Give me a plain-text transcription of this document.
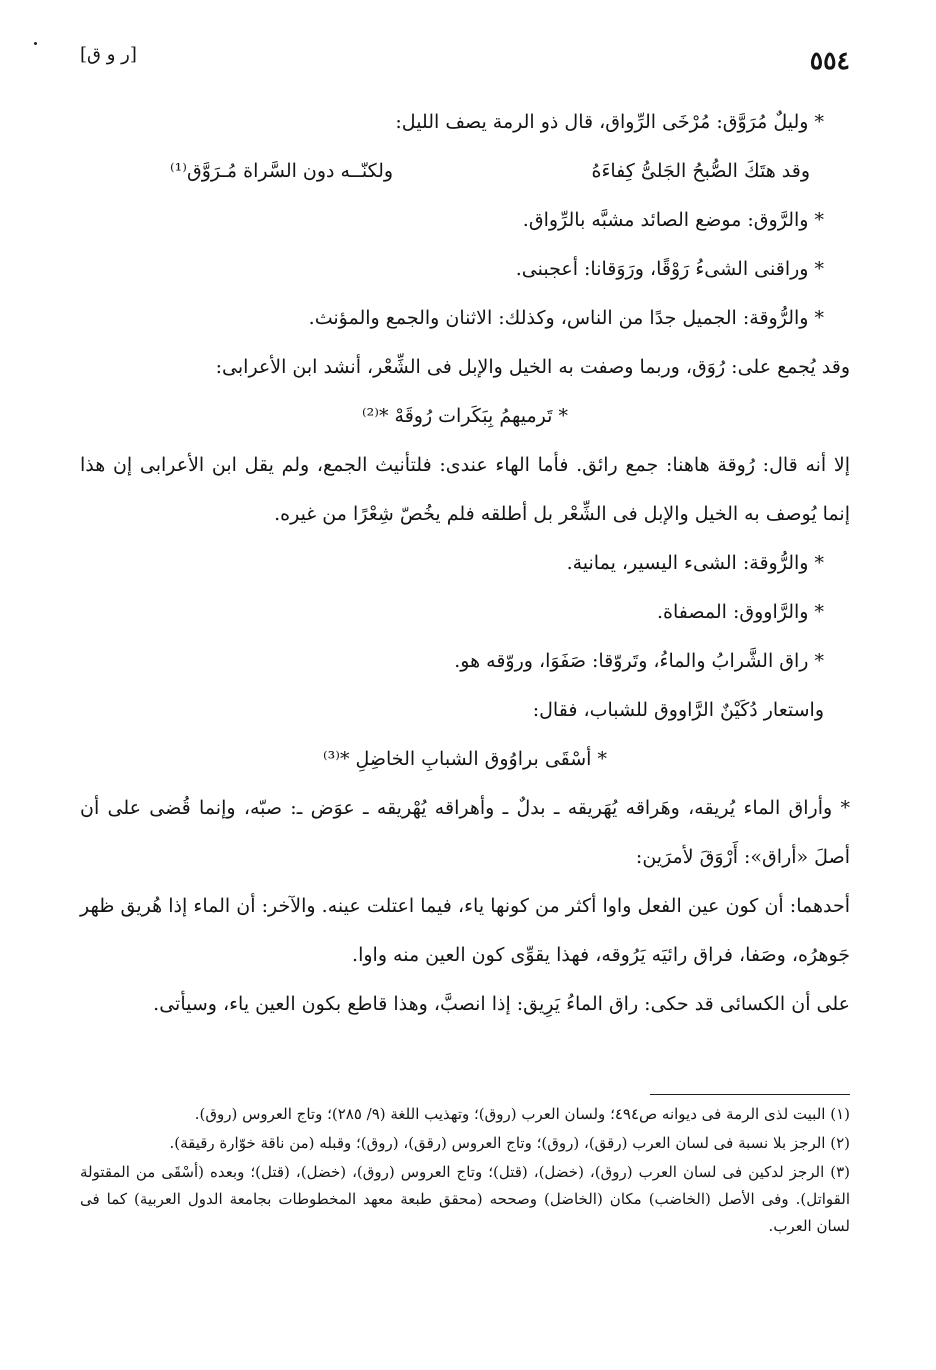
٥٥٤
[ر و ق]

* وليلٌ مُرَوَّق: مُرْخَى الرِّواق، قال ذو الرمة يصف الليل:

وقد هتَكَ الصُّبحُ الجَلىُّ كِفاءَهُ
ولكنّــه دون السَّراة مُـرَوَّق⁽¹⁾

* والرَّوق: موضع الصائد مشبَّه بالرِّواق.

* وراقنى الشىءُ رَوْقًا، ورَوَقانا: أعجبنى.

* والرُّوقة: الجميل جدًا من الناس، وكذلك: الاثنان والجمع والمؤنث.

وقد يُجمع على: رُوَق، وربما وصفت به الخيل والإبل فى الشِّعْر، أنشد ابن الأعرابى:

* تَرميهمُ بِبَكَرات رُوقَهْ *⁽²⁾

إلا أنه قال: رُوقة هاهنا: جمع رائق. فأما الهاء عندى: فلتأنيث الجمع، ولم يقل ابن الأعرابى إن هذا إنما يُوصف به الخيل والإبل فى الشِّعْر بل أطلقه فلم يخُصّ شِعْرًا من غيره.

* والرُّوقة: الشىء اليسير، يمانية.

* والرَّاووق: المصفاة.

* راق الشَّرابُ والماءُ، وتَروّقا: صَفَوَا، وروّقه هو.

واستعار دُكَيْنٌ الرَّاووق للشباب، فقال:

* أسْقَى براوُوق الشبابِ الخاضِلِ *⁽³⁾

* وأراق الماء يُريقه، وهَراقه يُهَريقه ـ بدلٌ ـ وأهراقه يُهْريقه ـ عوَض ـ: صبّه، وإنما قُضى على أن أصلَ «أراق»: أَرْوَقَ لأمرَين:

أحدهما: أن كون عين الفعل واوا أكثر من كونها ياء، فيما اعتلت عينه. والآخر: أن الماء إذا هُريق ظهر جَوهرُه، وصَفا، فراق رائيَه يَرُوقه، فهذا يقوِّى كون العين منه واوا.

على أن الكسائى قد حكى: راق الماءُ يَرِيق: إذا انصبَّ، وهذا قاطع بكون العين ياء، وسيأتى.

(١) البيت لذى الرمة فى ديوانه ص٤٩٤؛ ولسان العرب (روق)؛ وتهذيب اللغة (٩/ ٢٨٥)؛ وتاج العروس (روق).

(٢) الرجز بلا نسبة فى لسان العرب (رقق)، (روق)؛ وتاج العروس (رقق)، (روق)؛ وقبله (من ناقة خوّارة رقيقة).

(٣) الرجز لدكين فى لسان العرب (روق)، (خضل)، (قتل)؛ وتاج العروس (روق)، (خضل)، (قتل)؛ وبعده (أسْقَى من المقتولة القواتل). وفى الأصل (الخاضب) مكان (الخاضل) وصححه (محقق طبعة معهد المخطوطات بجامعة الدول العربية) كما فى لسان العرب.
